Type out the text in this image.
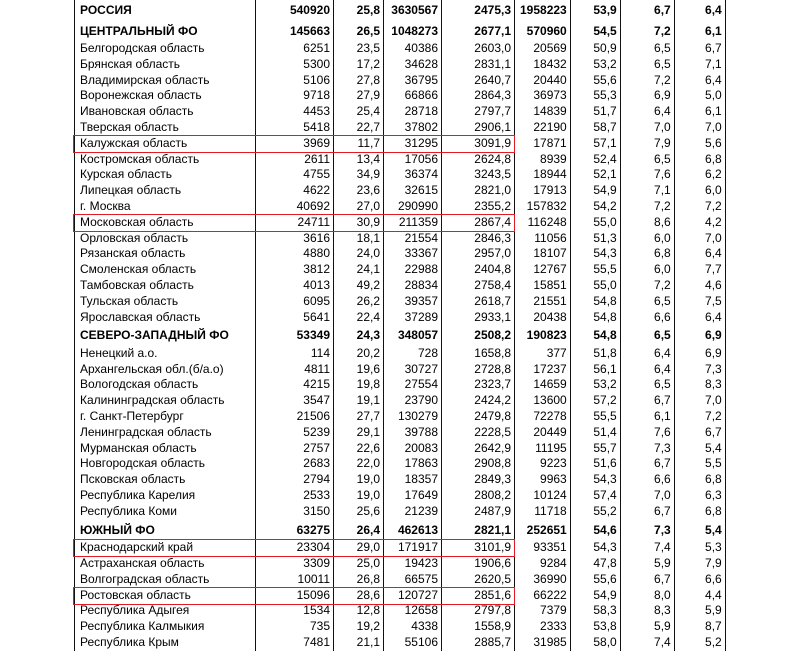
РОССИЯ	540920	25,8	3630567	2475,3	1958223	53,9	6,7	6,4
ЦЕНТРАЛЬНЫЙ ФО	145663	26,5	1048273	2677,1	570960	54,5	7,2	6,1
Белгородская область	6251	23,5	40386	2603,0	20569	50,9	6,5	6,7
Брянская область	5300	17,2	34628	2831,1	18432	53,2	6,5	7,1
Владимирская область	5106	27,8	36795	2640,7	20440	55,6	7,2	6,4
Воронежская область	9718	27,9	66866	2864,3	36973	55,3	6,9	5,0
Ивановская область	4453	25,4	28718	2797,7	14839	51,7	6,4	6,1
Тверская область	5418	22,7	37802	2906,1	22190	58,7	7,0	7,0
Калужская область	3969	11,7	31295	3091,9	17871	57,1	7,9	5,6
Костромская область	2611	13,4	17056	2624,8	8939	52,4	6,5	6,8
Курская область	4755	34,9	36374	3243,5	18944	52,1	7,6	6,2
Липецкая область	4622	23,6	32615	2821,0	17913	54,9	7,1	6,0
г. Москва	40692	27,0	290990	2355,2	157832	54,2	7,2	7,2
Московская область	24711	30,9	211359	2867,4	116248	55,0	8,6	4,2
Орловская область	3616	18,1	21554	2846,3	11056	51,3	6,0	7,0
Рязанская область	4880	24,0	33367	2957,0	18107	54,3	6,8	6,4
Смоленская область	3812	24,1	22988	2404,8	12767	55,5	6,0	7,7
Тамбовская область	4013	49,2	28834	2758,4	15851	55,0	7,2	4,6
Тульская область	6095	26,2	39357	2618,7	21551	54,8	6,5	7,5
Ярославская область	5641	22,4	37289	2933,1	20438	54,8	6,6	6,4
СЕВЕРО-ЗАПАДНЫЙ ФО	53349	24,3	348057	2508,2	190823	54,8	6,5	6,9
Ненецкий а.о.	114	20,2	728	1658,8	377	51,8	6,4	6,9
Архангельская обл.(б/а.о)	4811	19,6	30727	2728,8	17237	56,1	6,4	7,3
Вологодская область	4215	19,8	27554	2323,7	14659	53,2	6,5	8,3
Калининградская область	3547	19,1	23790	2424,2	13600	57,2	6,7	7,0
г. Санкт-Петербург	21506	27,7	130279	2479,8	72278	55,5	6,1	7,2
Ленинградская область	5239	29,1	39788	2228,5	20449	51,4	7,6	6,7
Мурманская область	2757	22,6	20083	2642,9	11195	55,7	7,3	5,4
Новгородская область	2683	22,0	17863	2908,8	9223	51,6	6,7	5,5
Псковская область	2794	19,0	18357	2849,3	9963	54,3	6,6	6,8
Республика Карелия	2533	19,0	17649	2808,2	10124	57,4	7,0	6,3
Республика Коми	3150	25,6	21239	2487,9	11718	55,2	6,7	6,8
ЮЖНЫЙ ФО	63275	26,4	462613	2821,1	252651	54,6	7,3	5,4
Краснодарский край	23304	29,0	171917	3101,9	93351	54,3	7,4	5,3
Астраханская область	3309	25,0	19423	1906,6	9284	47,8	5,9	7,9
Волгоградская область	10011	26,8	66575	2620,5	36990	55,6	6,7	6,6
Ростовская область	15096	28,6	120727	2851,6	66222	54,9	8,0	4,4
Республика Адыгея	1534	12,8	12658	2797,8	7379	58,3	8,3	5,9
Республика Калмыкия	735	19,2	4338	1558,9	2333	53,8	5,9	8,7
Республика Крым	7481	21,1	55106	2885,7	31985	58,0	7,4	5,2
